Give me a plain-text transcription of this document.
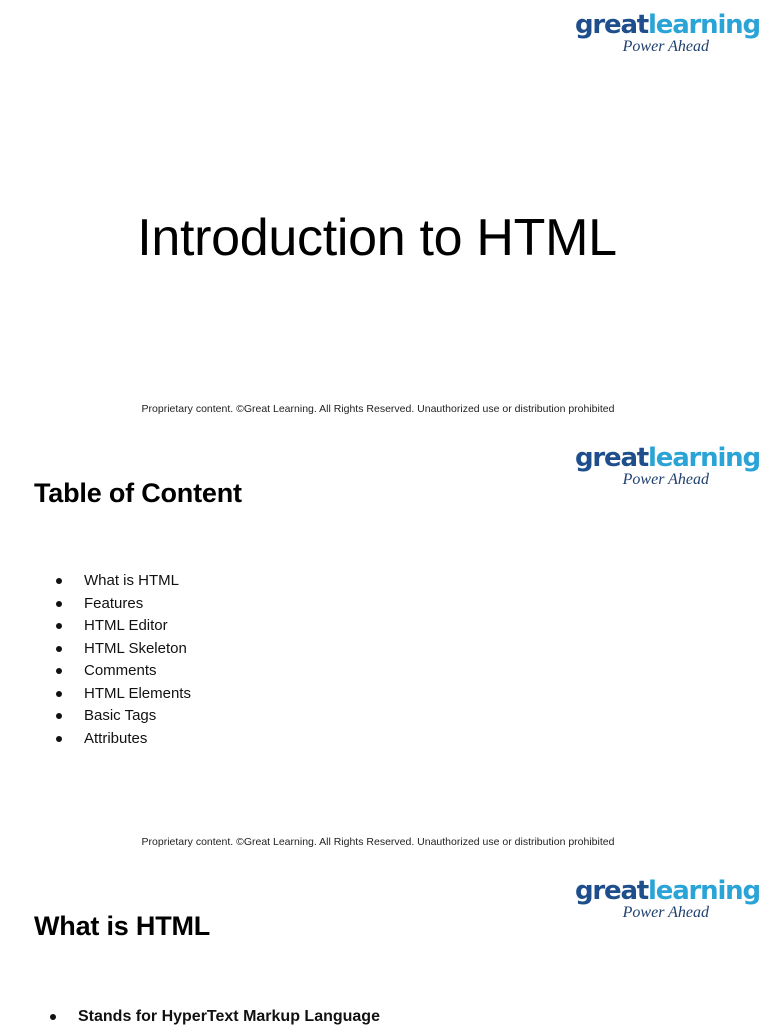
greatlearning
Power Ahead
Introduction to HTML
Proprietary content. ©Great Learning. All Rights Reserved. Unauthorized use or distribution prohibited
greatlearning
Power Ahead
Table of Content
What is HTML
Features
HTML Editor
HTML Skeleton
Comments
HTML Elements
Basic Tags
Attributes
Proprietary content. ©Great Learning. All Rights Reserved. Unauthorized use or distribution prohibited
greatlearning
Power Ahead
What is HTML
Stands for HyperText Markup Language
